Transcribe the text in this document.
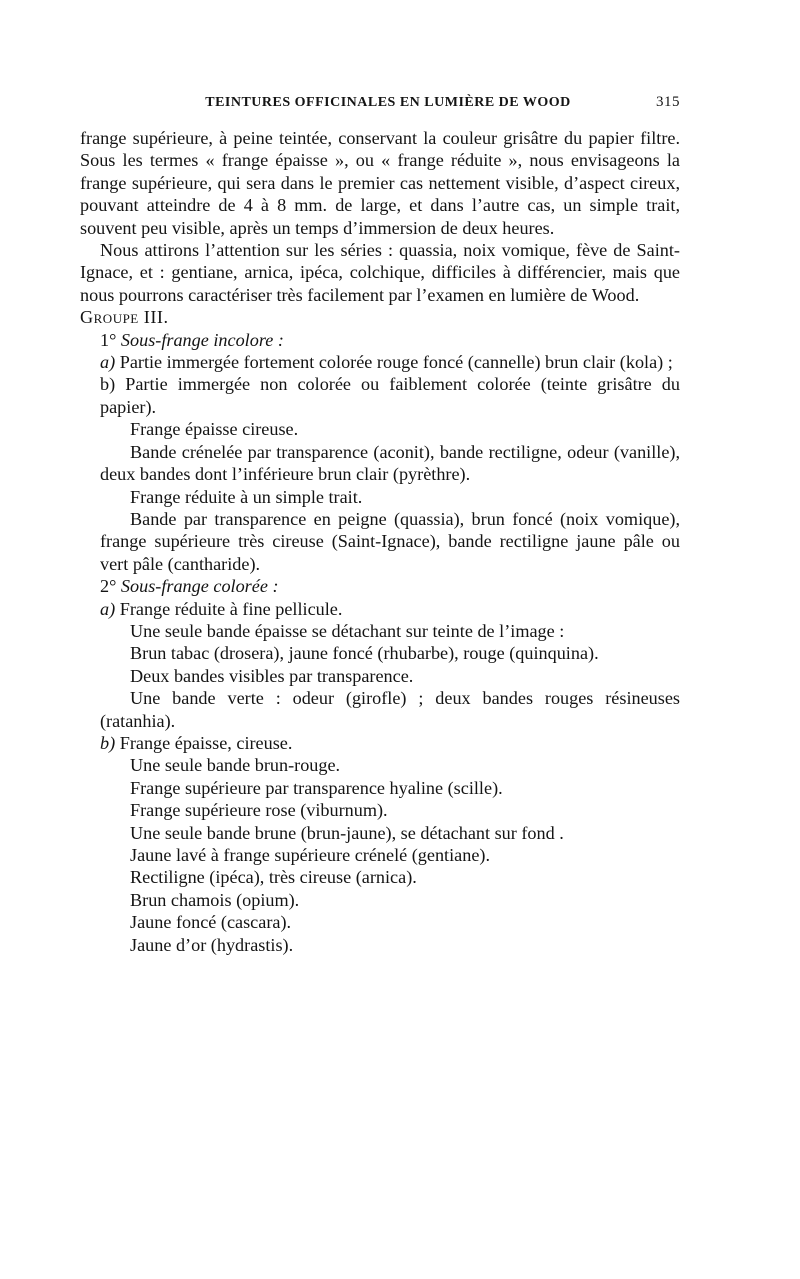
TEINTURES OFFICINALES EN LUMIÈRE DE WOOD	315

frange supérieure, à peine teintée, conservant la couleur grisâtre du papier filtre. Sous les termes « frange épaisse », ou « frange réduite », nous envisageons la frange supérieure, qui sera dans le premier cas nettement visible, d’aspect cireux, pouvant atteindre de 4 à 8 mm. de large, et dans l’autre cas, un simple trait, souvent peu visible, après un temps d’immersion de deux heures.

Nous attirons l’attention sur les séries : quassia, noix vomique, fève de Saint-Ignace, et : gentiane, arnica, ipéca, colchique, difficiles à différencier, mais que nous pourrons caractériser très facilement par l’examen en lumière de Wood.

Groupe III.

1° Sous-frange incolore :

a) Partie immergée fortement colorée rouge foncé (cannelle) brun clair (kola) ;

b) Partie immergée non colorée ou faiblement colorée (teinte grisâtre du papier).

Frange épaisse cireuse.

Bande crénelée par transparence (aconit), bande rectiligne, odeur (vanille), deux bandes dont l’inférieure brun clair (pyrèthre).

Frange réduite à un simple trait.

Bande par transparence en peigne (quassia), brun foncé (noix vomique), frange supérieure très cireuse (Saint-Ignace), bande rectiligne jaune pâle ou vert pâle (cantharide).

2° Sous-frange colorée :

a) Frange réduite à fine pellicule.

Une seule bande épaisse se détachant sur teinte de l’image :

Brun tabac (drosera), jaune foncé (rhubarbe), rouge (quinquina).

Deux bandes visibles par transparence.

Une bande verte : odeur (girofle) ; deux bandes rouges résineuses (ratanhia).

b) Frange épaisse, cireuse.

Une seule bande brun-rouge.

Frange supérieure par transparence hyaline (scille).

Frange supérieure rose (viburnum).

Une seule bande brune (brun-jaune), se détachant sur fond .

Jaune lavé à frange supérieure crénelé (gentiane).

Rectiligne (ipéca), très cireuse (arnica).

Brun chamois (opium).

Jaune foncé (cascara).

Jaune d’or (hydrastis).
